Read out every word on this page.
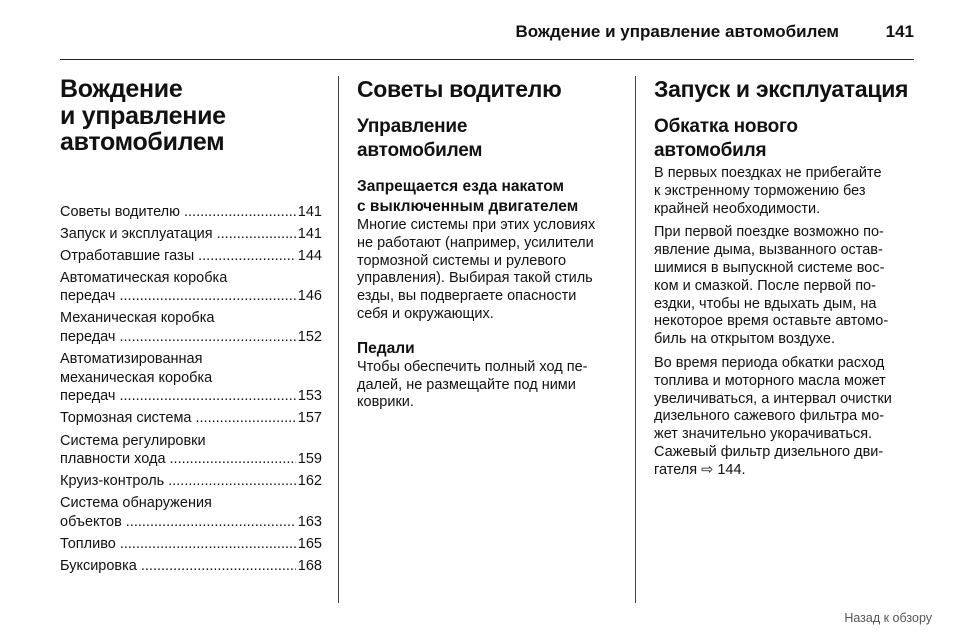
Вождение и управление автомобилем	141
Вождение
и управление
автомобилем
Советы водителю .....	141
Запуск и эксплуатация .....	141
Отработавшие газы .....	144
Автоматическая коробка
передач .....	146
Механическая коробка
передач .....	152
Автоматизированная
механическая коробка
передач .....	153
Тормозная система .....	157
Система регулировки
плавности хода .....	159
Круиз-контроль .....	162
Система обнаружения
объектов .....	163
Топливо .....	165
Буксировка .....	168
Советы водителю
Управление
автомобилем
Запрещается езда накатом
с выключенным двигателем

Многие системы при этих условиях
не работают (например, усилители
тормозной системы и рулевого
управления). Выбирая такой стиль
езды, вы подвергаете опасности
себя и окружающих.

Педали

Чтобы обеспечить полный ход пе-
далей, не размещайте под ними
коврики.

Запуск и эксплуатация
Обкатка нового
автомобиля

В первых поездках не прибегайте
к экстренному торможению без
крайней необходимости.

При первой поездке возможно по-
явление дыма, вызванного остав-
шимися в выпускной системе вос-
ком и смазкой. После первой по-
ездки, чтобы не вдыхать дым, на
некоторое время оставьте автомо-
биль на открытом воздухе.

Во время периода обкатки расход
топлива и моторного масла может
увеличиваться, а интервал очистки
дизельного сажевого фильтра мо-
жет значительно укорачиваться.
Сажевый фильтр дизельного дви-
гателя ⇨ 144.

Назад к обзору
